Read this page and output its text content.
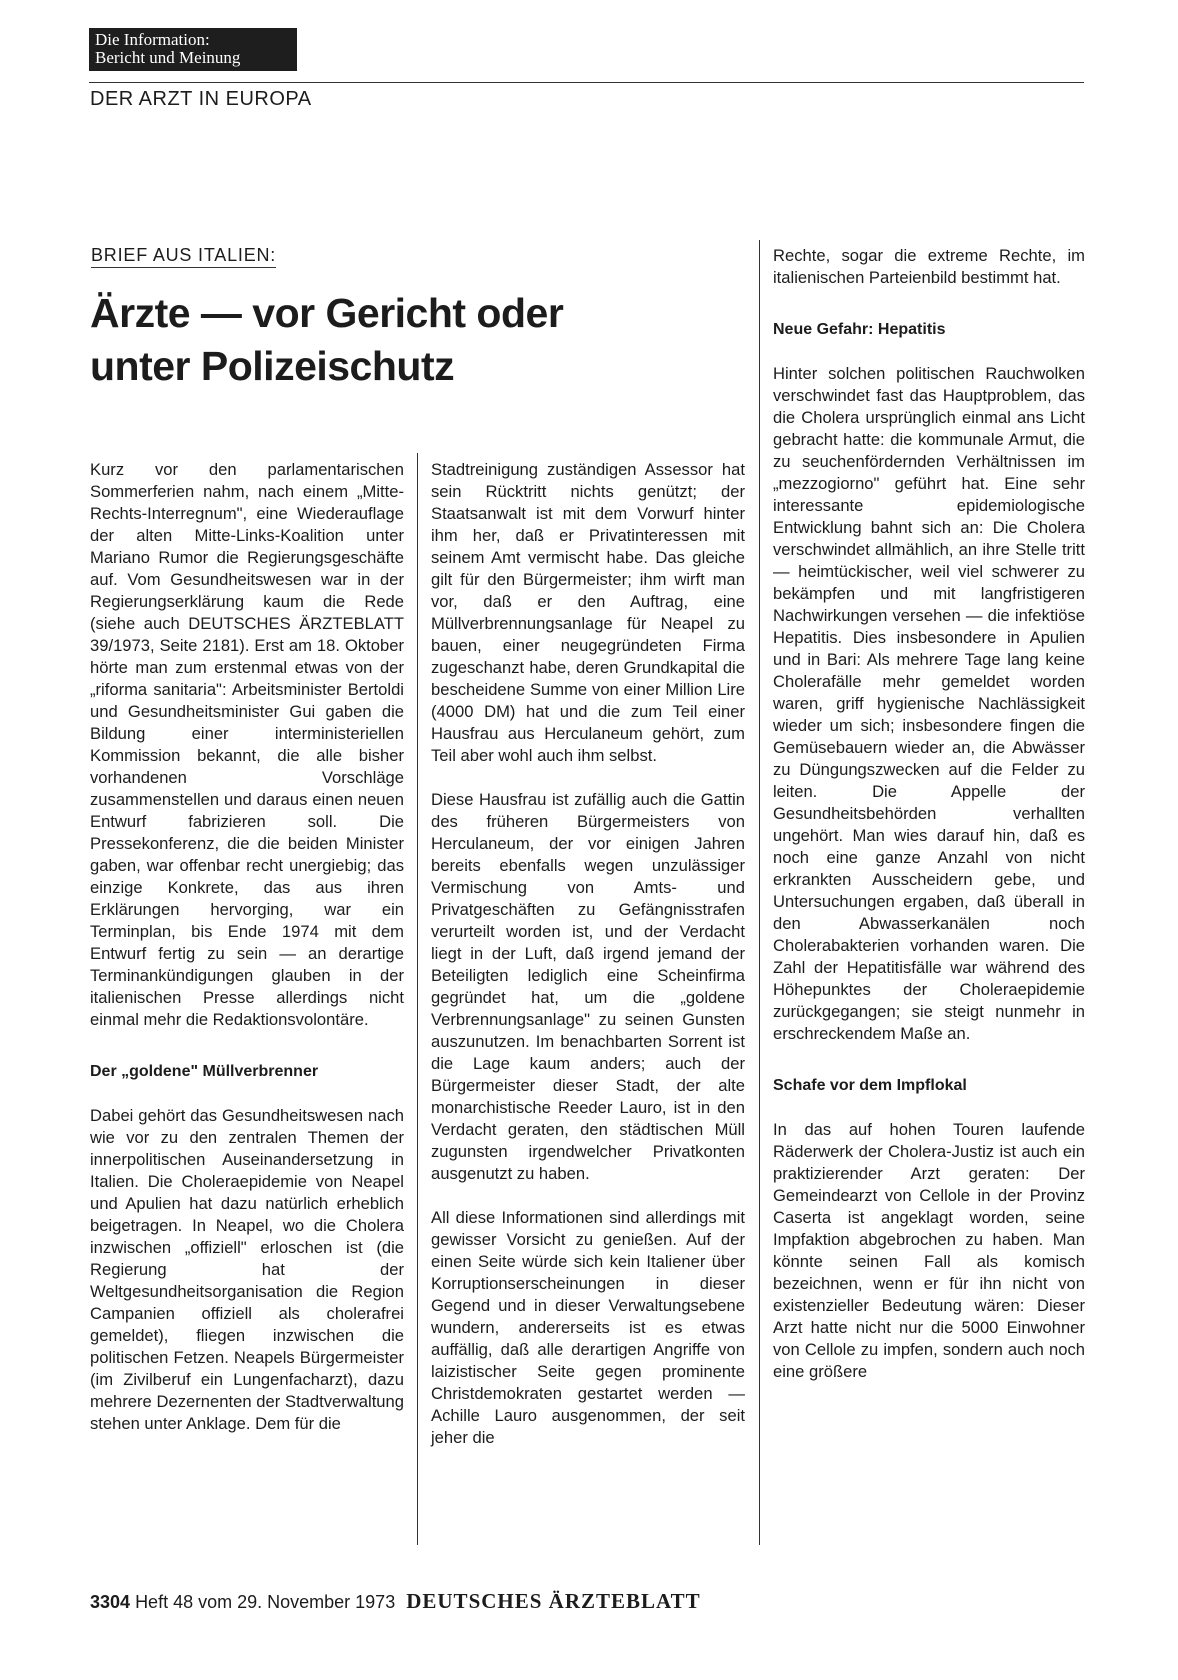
Die Information:
Bericht und Meinung
DER ARZT IN EUROPA
BRIEF AUS ITALIEN:
Ärzte — vor Gericht oder
unter Polizeischutz

Kurz vor den parlamentarischen Sommerferien nahm, nach einem „Mitte-Rechts-Interregnum", eine Wiederauflage der alten Mitte-Links-Koalition unter Mariano Rumor die Regierungsgeschäfte auf. Vom Gesundheitswesen war in der Regierungserklärung kaum die Rede (siehe auch DEUTSCHES ÄRZTEBLATT 39/1973, Seite 2181). Erst am 18. Oktober hörte man zum erstenmal etwas von der „riforma sanitaria": Arbeitsminister Bertoldi und Gesundheitsminister Gui gaben die Bildung einer interministeriellen Kommission bekannt, die alle bisher vorhandenen Vorschläge zusammenstellen und daraus einen neuen Entwurf fabrizieren soll. Die Pressekonferenz, die die beiden Minister gaben, war offenbar recht unergiebig; das einzige Konkrete, das aus ihren Erklärungen hervorging, war ein Terminplan, bis Ende 1974 mit dem Entwurf fertig zu sein — an derartige Terminankündigungen glauben in der italienischen Presse allerdings nicht einmal mehr die Redaktionsvolontäre.

Der „goldene" Müllverbrenner

Dabei gehört das Gesundheitswesen nach wie vor zu den zentralen Themen der innerpolitischen Auseinandersetzung in Italien. Die Choleraepidemie von Neapel und Apulien hat dazu natürlich erheblich beigetragen. In Neapel, wo die Cholera inzwischen „offiziell" erloschen ist (die Regierung hat der Weltgesundheitsorganisation die Region Campanien offiziell als cholerafrei gemeldet), fliegen inzwischen die politischen Fetzen. Neapels Bürgermeister (im Zivilberuf ein Lungenfacharzt), dazu mehrere Dezernenten der Stadtverwaltung stehen unter Anklage. Dem für die

Stadtreinigung zuständigen Assessor hat sein Rücktritt nichts genützt; der Staatsanwalt ist mit dem Vorwurf hinter ihm her, daß er Privatinteressen mit seinem Amt vermischt habe. Das gleiche gilt für den Bürgermeister; ihm wirft man vor, daß er den Auftrag, eine Müllverbrennungsanlage für Neapel zu bauen, einer neugegründeten Firma zugeschanzt habe, deren Grundkapital die bescheidene Summe von einer Million Lire (4000 DM) hat und die zum Teil einer Hausfrau aus Herculaneum gehört, zum Teil aber wohl auch ihm selbst.

Diese Hausfrau ist zufällig auch die Gattin des früheren Bürgermeisters von Herculaneum, der vor einigen Jahren bereits ebenfalls wegen unzulässiger Vermischung von Amts- und Privatgeschäften zu Gefängnisstrafen verurteilt worden ist, und der Verdacht liegt in der Luft, daß irgend jemand der Beteiligten lediglich eine Scheinfirma gegründet hat, um die „goldene Verbrennungsanlage" zu seinen Gunsten auszunutzen. Im benachbarten Sorrent ist die Lage kaum anders; auch der Bürgermeister dieser Stadt, der alte monarchistische Reeder Lauro, ist in den Verdacht geraten, den städtischen Müll zugunsten irgendwelcher Privatkonten ausgenutzt zu haben.

All diese Informationen sind allerdings mit gewisser Vorsicht zu genießen. Auf der einen Seite würde sich kein Italiener über Korruptionserscheinungen in dieser Gegend und in dieser Verwaltungsebene wundern, andererseits ist es etwas auffällig, daß alle derartigen Angriffe von laizistischer Seite gegen prominente Christdemokraten gestartet werden — Achille Lauro ausgenommen, der seit jeher die

Rechte, sogar die extreme Rechte, im italienischen Parteienbild bestimmt hat.

Neue Gefahr: Hepatitis

Hinter solchen politischen Rauchwolken verschwindet fast das Hauptproblem, das die Cholera ursprünglich einmal ans Licht gebracht hatte: die kommunale Armut, die zu seuchenfördernden Verhältnissen im „mezzogiorno" geführt hat. Eine sehr interessante epidemiologische Entwicklung bahnt sich an: Die Cholera verschwindet allmählich, an ihre Stelle tritt — heimtückischer, weil viel schwerer zu bekämpfen und mit langfristigeren Nachwirkungen versehen — die infektiöse Hepatitis. Dies insbesondere in Apulien und in Bari: Als mehrere Tage lang keine Cholerafälle mehr gemeldet worden waren, griff hygienische Nachlässigkeit wieder um sich; insbesondere fingen die Gemüsebauern wieder an, die Abwässer zu Düngungszwecken auf die Felder zu leiten. Die Appelle der Gesundheitsbehörden verhallten ungehört. Man wies darauf hin, daß es noch eine ganze Anzahl von nicht erkrankten Ausscheidern gebe, und Untersuchungen ergaben, daß überall in den Abwasserkanälen noch Cholerabakterien vorhanden waren. Die Zahl der Hepatitisfälle war während des Höhepunktes der Choleraepidemie zurückgegangen; sie steigt nunmehr in erschreckendem Maße an.

Schafe vor dem Impflokal

In das auf hohen Touren laufende Räderwerk der Cholera-Justiz ist auch ein praktizierender Arzt geraten: Der Gemeindearzt von Cellole in der Provinz Caserta ist angeklagt worden, seine Impfaktion abgebrochen zu haben. Man könnte seinen Fall als komisch bezeichnen, wenn er für ihn nicht von existenzieller Bedeutung wären: Dieser Arzt hatte nicht nur die 5000 Einwohner von Cellole zu impfen, sondern auch noch eine größere

3304 Heft 48 vom 29. November 1973 DEUTSCHES ÄRZTEBLATT
